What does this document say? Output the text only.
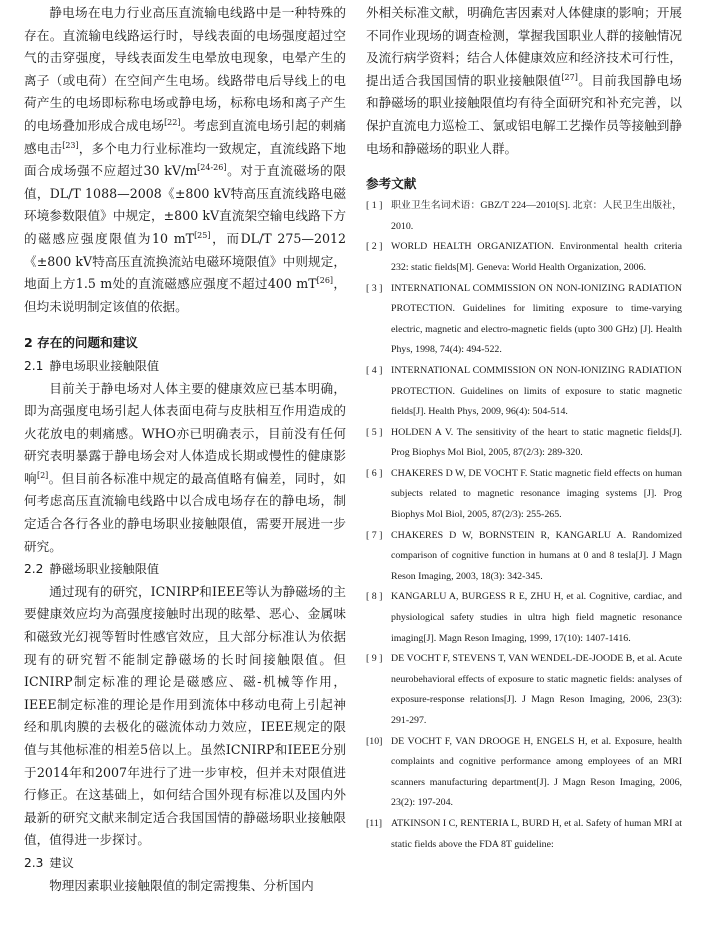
静电场在电力行业高压直流输电线路中是一种特殊的存在。直流输电线路运行时，导线表面的电场强度超过空气的击穿强度，导线表面发生电晕放电现象，电晕产生的离子（或电荷）在空间产生电场。线路带电后导线上的电荷产生的电场即标称电场或静电场，标称电场和离子产生的电场叠加形成合成电场[22]。考虑到直流电场引起的刺痛感电击[23]，多个电力行业标准均一致规定，直流线路下地面合成场强不应超过30 kV/m[24-26]。对于直流磁场的限值，DL/T 1088—2008《±800 kV特高压直流线路电磁环境参数限值》中规定，±800 kV直流架空输电线路下方的磁感应强度限值为10 mT[25]，而DL/T 275—2012《±800 kV特高压直流换流站电磁环境限值》中则规定，地面上方1.5 m处的直流磁感应强度不超过400 mT[26]，但均未说明制定该值的依据。

2 存在的问题和建议
2.1 静电场职业接触限值

目前关于静电场对人体主要的健康效应已基本明确，即为高强度电场引起人体表面电荷与皮肤相互作用造成的火花放电的刺痛感。WHO亦已明确表示，目前没有任何研究表明暴露于静电场会对人体造成长期或慢性的健康影响[2]。但目前各标准中规定的最高值略有偏差，同时，如何考虑高压直流输电线路中以合成电场存在的静电场，制定适合各行各业的静电场职业接触限值，需要开展进一步研究。

2.2 静磁场职业接触限值

通过现有的研究，ICNIRP和IEEE等认为静磁场的主要健康效应均为高强度接触时出现的眩晕、恶心、金属味和磁致光幻视等暂时性感官效应，且大部分标准认为依据现有的研究暂不能制定静磁场的长时间接触限值。但ICNIRP制定标准的理论是磁感应、磁-机械等作用，IEEE制定标准的理论是作用到流体中移动电荷上引起神经和肌肉膜的去极化的磁流体动力效应，IEEE规定的限值与其他标准的相差5倍以上。虽然ICNIRP和IEEE分别于2014年和2007年进行了进一步审校，但并未对限值进行修正。在这基础上，如何结合国外现有标准以及国内外最新的研究文献来制定适合我国国情的静磁场职业接触限值，值得进一步探讨。

2.3 建议

物理因素职业接触限值的制定需搜集、分析国内

外相关标准文献，明确危害因素对人体健康的影响；开展不同作业现场的调查检测，掌握我国职业人群的接触情况及流行病学资料；结合人体健康效应和经济技术可行性，提出适合我国国情的职业接触限值[27]。目前我国静电场和静磁场的职业接触限值均有待全面研究和补充完善，以保护直流电力巡检工、氯或铝电解工艺操作员等接触到静电场和静磁场的职业人群。

参考文献
[ 1 ] 职业卫生名词术语：GBZ/T 224—2010[S]. 北京：人民卫生出版社，2010.
[ 2 ] WORLD HEALTH ORGANIZATION. Environmental health criteria 232: static fields[M]. Geneva: World Health Organization, 2006.
[ 3 ] INTERNATIONAL COMMISSION ON NON-IONIZING RADIATION PROTECTION. Guidelines for limiting exposure to time-varying electric, magnetic and electro-magnetic fields (upto 300 GHz) [J]. Health Phys, 1998, 74(4): 494-522.
[ 4 ] INTERNATIONAL COMMISSION ON NON-IONIZING RADIATION PROTECTION. Guidelines on limits of exposure to static magnetic fields[J]. Health Phys, 2009, 96(4): 504-514.
[ 5 ] HOLDEN A V. The sensitivity of the heart to static magnetic fields[J]. Prog Biophys Mol Biol, 2005, 87(2/3): 289-320.
[ 6 ] CHAKERES D W, DE VOCHT F. Static magnetic field effects on human subjects related to magnetic resonance imaging systems [J]. Prog Biophys Mol Biol, 2005, 87(2/3): 255-265.
[ 7 ] CHAKERES D W, BORNSTEIN R, KANGARLU A. Randomized comparison of cognitive function in humans at 0 and 8 tesla[J]. J Magn Reson Imaging, 2003, 18(3): 342-345.
[ 8 ] KANGARLU A, BURGESS R E, ZHU H, et al. Cognitive, cardiac, and physiological safety studies in ultra high field magnetic resonance imaging[J]. Magn Reson Imaging, 1999, 17(10): 1407-1416.
[ 9 ] DE VOCHT F, STEVENS T, VAN WENDEL-DE-JOODE B, et al. Acute neurobehavioral effects of exposure to static magnetic fields: analyses of exposure-response relations[J]. J Magn Reson Imaging, 2006, 23(3): 291-297.
[10] DE VOCHT F, VAN DROOGE H, ENGELS H, et al. Exposure, health complaints and cognitive performance among employees of an MRI scanners manufacturing department[J]. J Magn Reson Imaging, 2006, 23(2): 197-204.
[11] ATKINSON I C, RENTERIA L, BURD H, et al. Safety of human MRI at static fields above the FDA 8T guideline:
